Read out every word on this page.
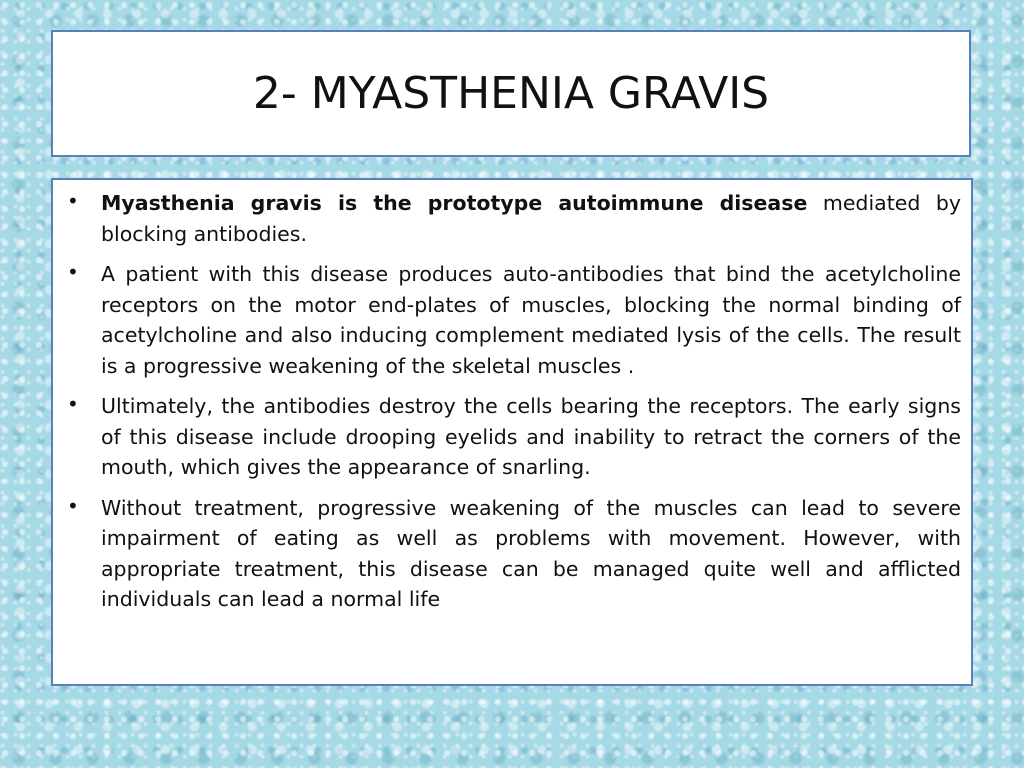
2- MYASTHENIA GRAVIS
• Myasthenia gravis is the prototype autoimmune disease mediated by blocking antibodies.
• A patient with this disease produces auto-antibodies that bind the acetylcholine receptors on the motor end-plates of muscles, blocking the normal binding of acetylcholine and also inducing complement mediated lysis of the cells. The result is a progressive weakening of the skeletal muscles .
• Ultimately, the antibodies destroy the cells bearing the receptors. The early signs of this disease include drooping eyelids and inability to retract the corners of the mouth, which gives the appearance of snarling.
• Without treatment, progressive weakening of the muscles can lead to severe impairment of eating as well as problems with movement. However, with appropriate treatment, this disease can be managed quite well and afflicted individuals can lead a normal life
